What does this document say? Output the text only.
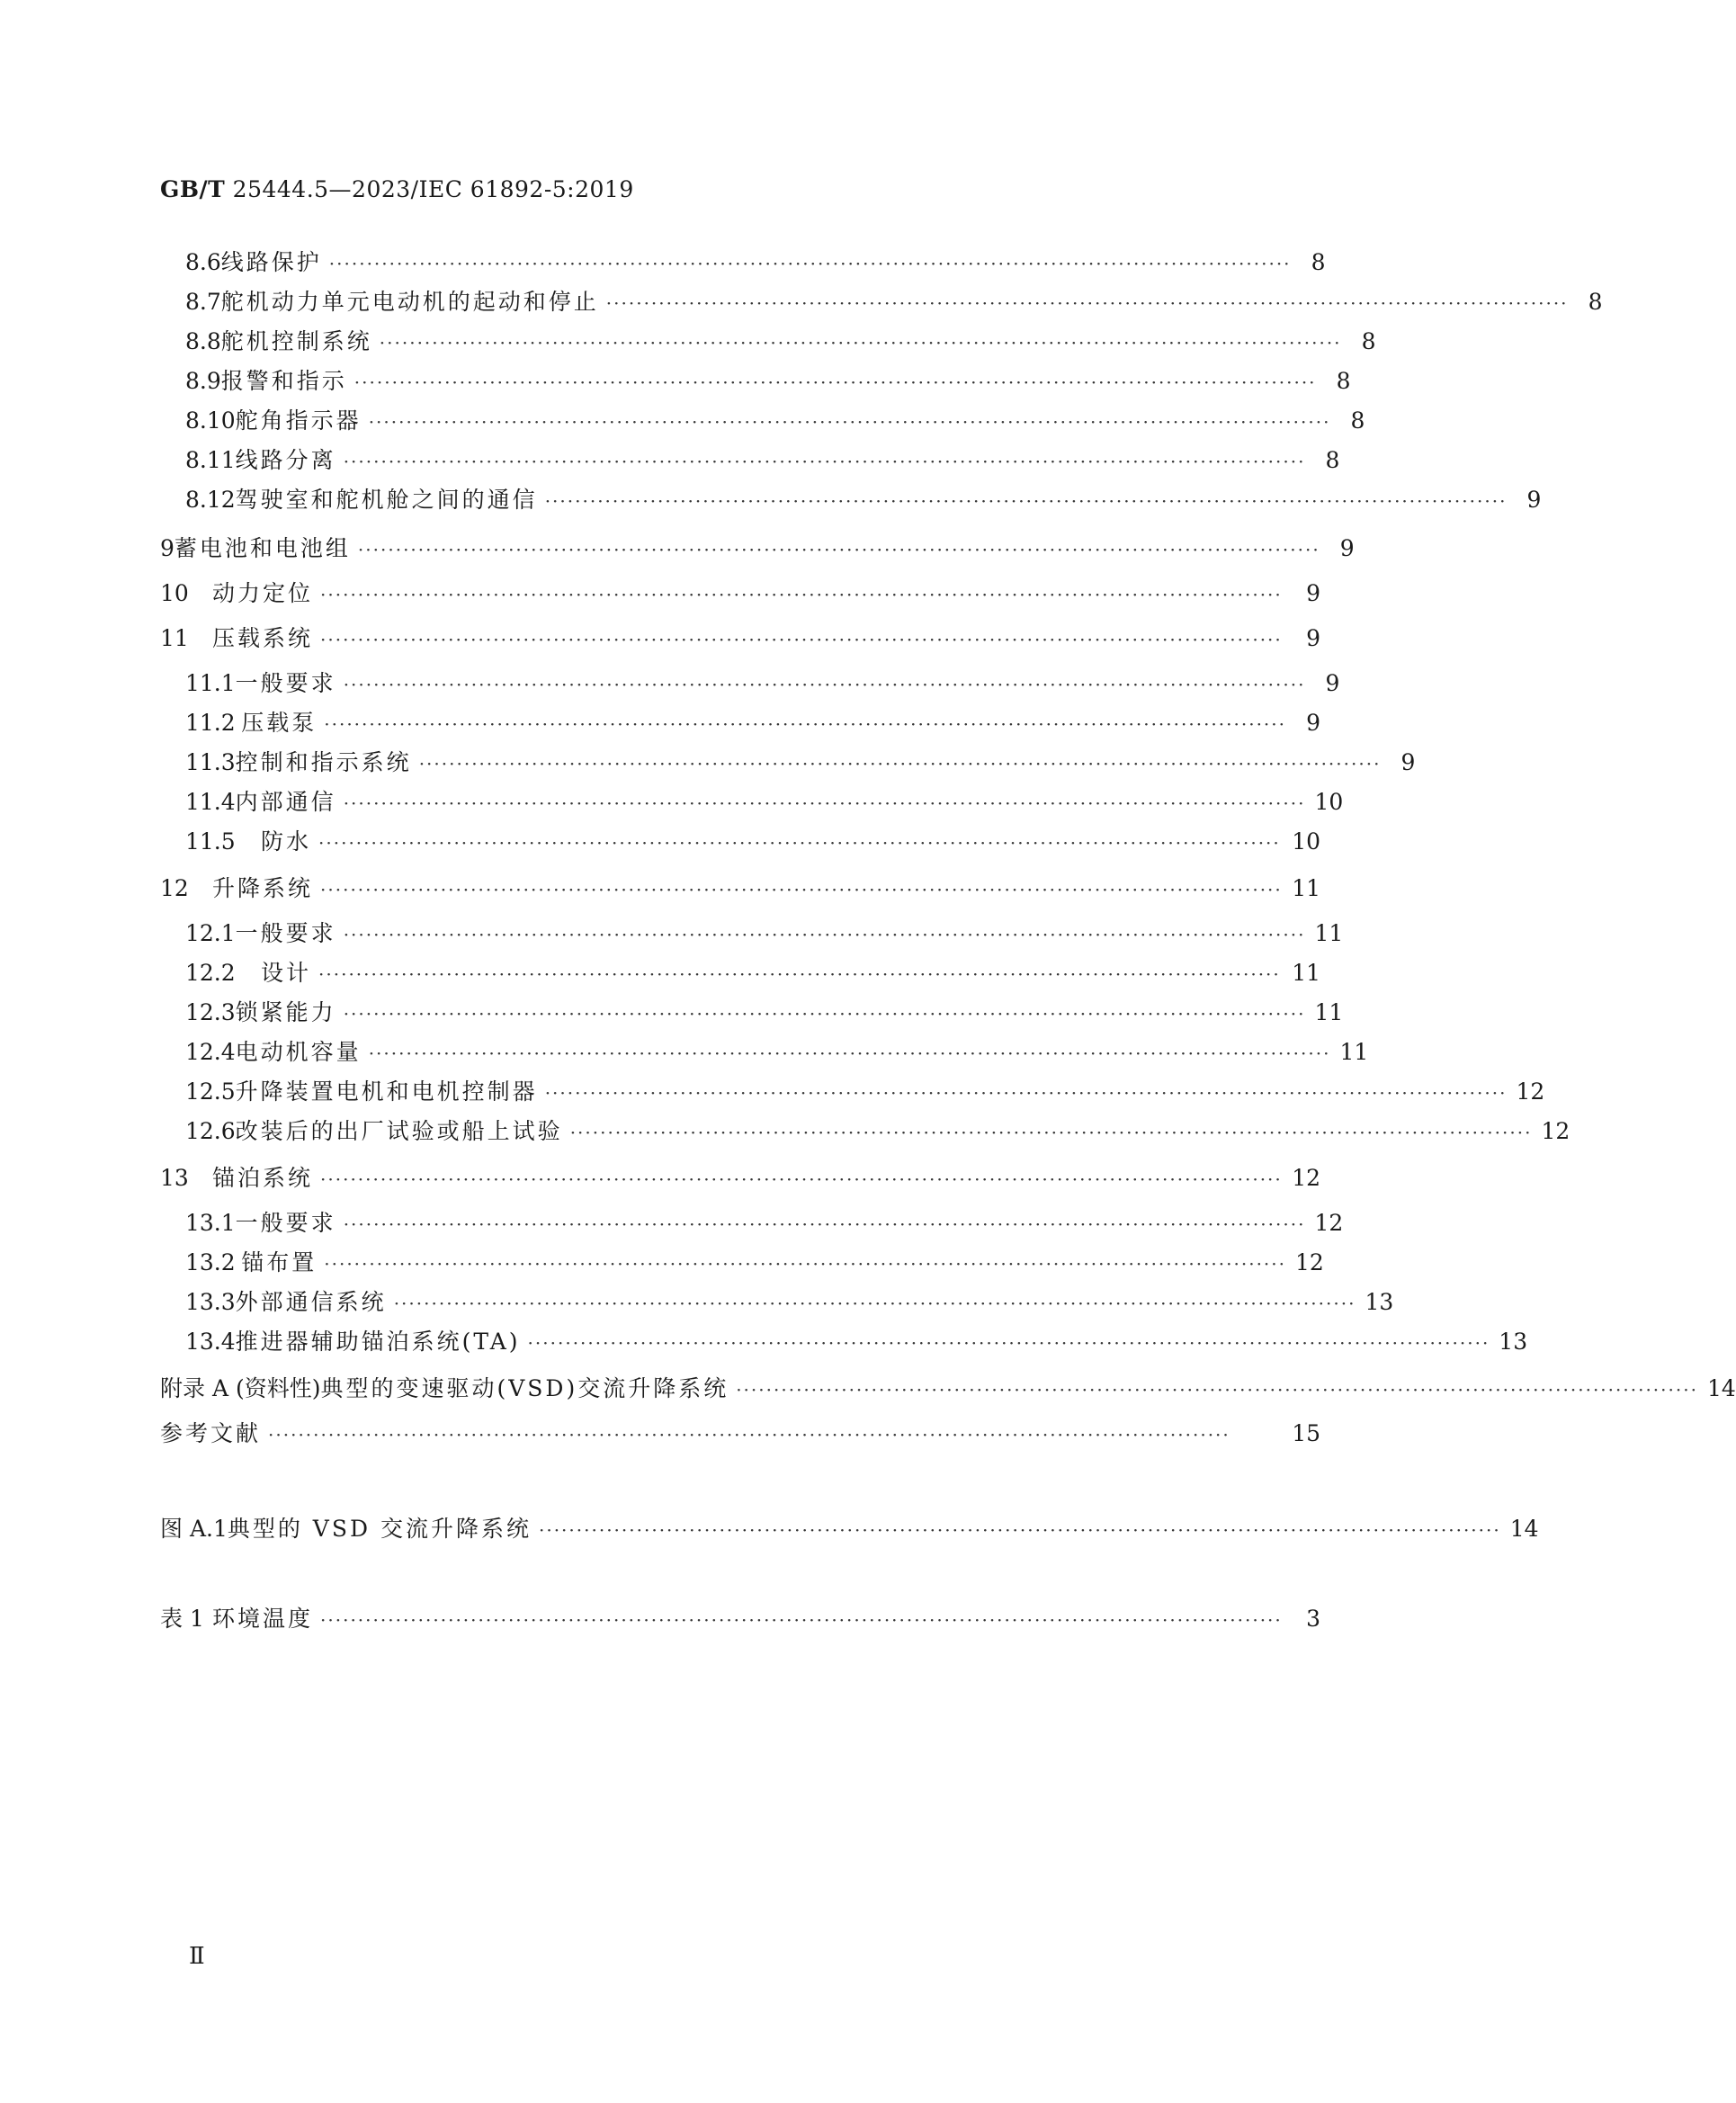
GB/T 25444.5—2023/IEC 61892-5:2019
8.6 线路保护 ································································································································ 8
8.7 舵机动力单元电动机的起动和停止 ································································································································ 8
8.8 舵机控制系统 ································································································································ 8
8.9 报警和指示 ································································································································ 8
8.10 舵角指示器 ································································································································ 8
8.11 线路分离 ································································································································ 8
8.12 驾驶室和舵机舱之间的通信 ································································································································ 9
9 蓄电池和电池组 ································································································································ 9
10	动力定位 ································································································································	9
11	压载系统 ································································································································	9
11.1 一般要求 ································································································································ 9
11.2 压载泵 ································································································································ 9
11.3 控制和指示系统 ································································································································ 9
11.4 内部通信 ································································································································ 10
11.5	防水 ································································································································ 10
12	升降系统 ································································································································ 11
12.1 一般要求 ································································································································ 11
12.2	设计 ································································································································ 11
12.3 锁紧能力 ································································································································ 11
12.4 电动机容量 ································································································································ 11
12.5 升降装置电机和电机控制器 ································································································································ 12
12.6 改装后的出厂试验或船上试验 ································································································································ 12
13	锚泊系统 ································································································································ 12
13.1 一般要求 ································································································································ 12
13.2 锚布置 ································································································································ 12
13.3 外部通信系统 ································································································································ 13
13.4 推进器辅助锚泊系统(TA) ································································································································ 13
附录 A (资料性) 典型的变速驱动(VSD)交流升降系统 ································································································································ 14
参考文献 ································································································································	15
图 A.1 典型的 VSD 交流升降系统 ································································································································ 14
表 1 环境温度 ································································································································	3
Ⅱ
